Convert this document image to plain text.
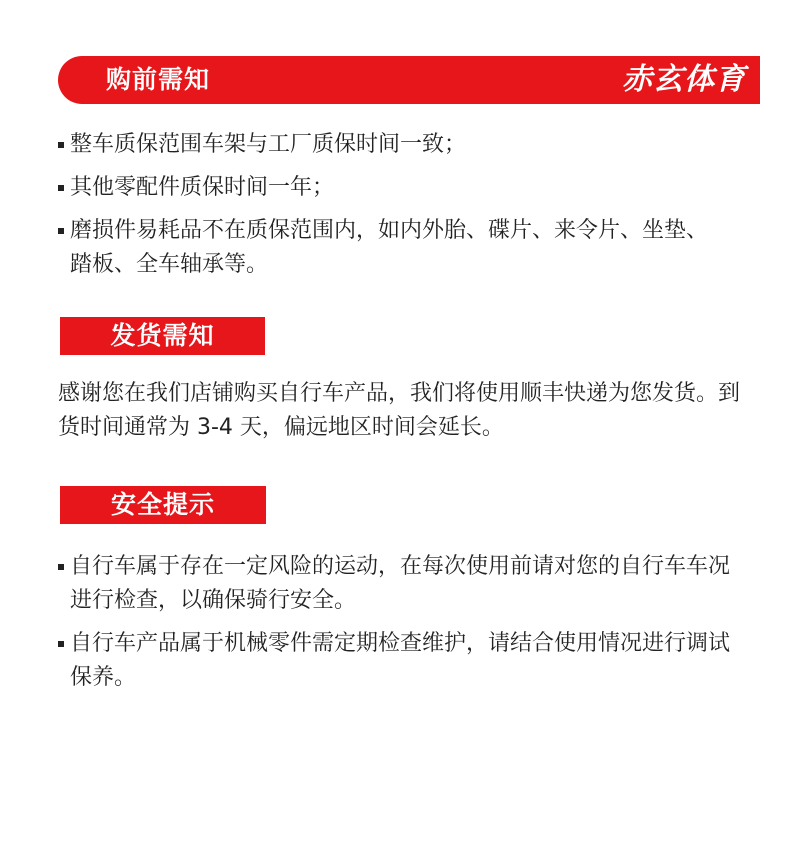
购前需知	赤玄体育
整车质保范围车架与工厂质保时间一致；
其他零配件质保时间一年；
磨损件易耗品不在质保范围内，如内外胎、碟片、来令片、坐垫、踏板、全车轴承等。
发货需知

感谢您在我们店铺购买自行车产品，我们将使用顺丰快递为您发货。到货时间通常为 3-4 天，偏远地区时间会延长。

安全提示
自行车属于存在一定风险的运动，在每次使用前请对您的自行车车况进行检查，以确保骑行安全。
自行车产品属于机械零件需定期检查维护，请结合使用情况进行调试保养。
